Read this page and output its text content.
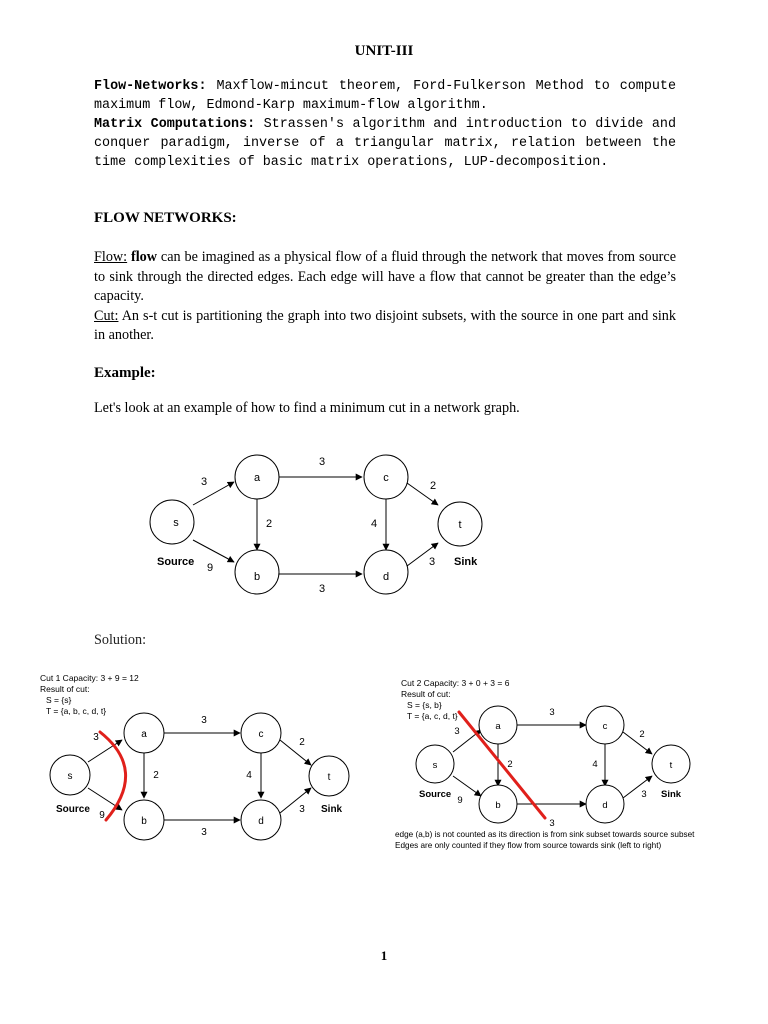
UNIT-III
Flow-Networks: Maxflow-mincut theorem, Ford-Fulkerson Method to compute maximum flow, Edmond-Karp maximum-flow algorithm.
Matrix Computations: Strassen's algorithm and introduction to divide and conquer paradigm, inverse of a triangular matrix, relation between the time complexities of basic matrix operations, LUP-decomposition.
FLOW NETWORKS:
Flow: flow can be imagined as a physical flow of a fluid through the network that moves from source to sink through the directed edges. Each edge will have a flow that cannot be greater than the edge’s capacity.
Cut: An s-t cut is partitioning the graph into two disjoint subsets, with the source in one part and sink in another.
Example:
Let's look at an example of how to find a minimum cut in a network graph.
s
a
b
c
d
t
3
9
2
3
3
4
2
3
Source	Sink
Solution:
Cut 1 Capacity: 3 + 9 = 12
Result of cut:
S = {s}
T = {a, b, c, d, t}
s
a
b
c
d
t
3
9
2
3
3
4
2
3
Source	Sink
Cut 2 Capacity: 3 + 0 + 3 = 6
Result of cut:
S = {s, b}
T = {a, c, d, t}
s
a
b
c
d
t
3
9
2
3
3
4
2
3
Source	Sink
edge (a,b) is not counted as its direction is from sink subset towards source subset
Edges are only counted if they flow from source towards sink (left to right)
1
